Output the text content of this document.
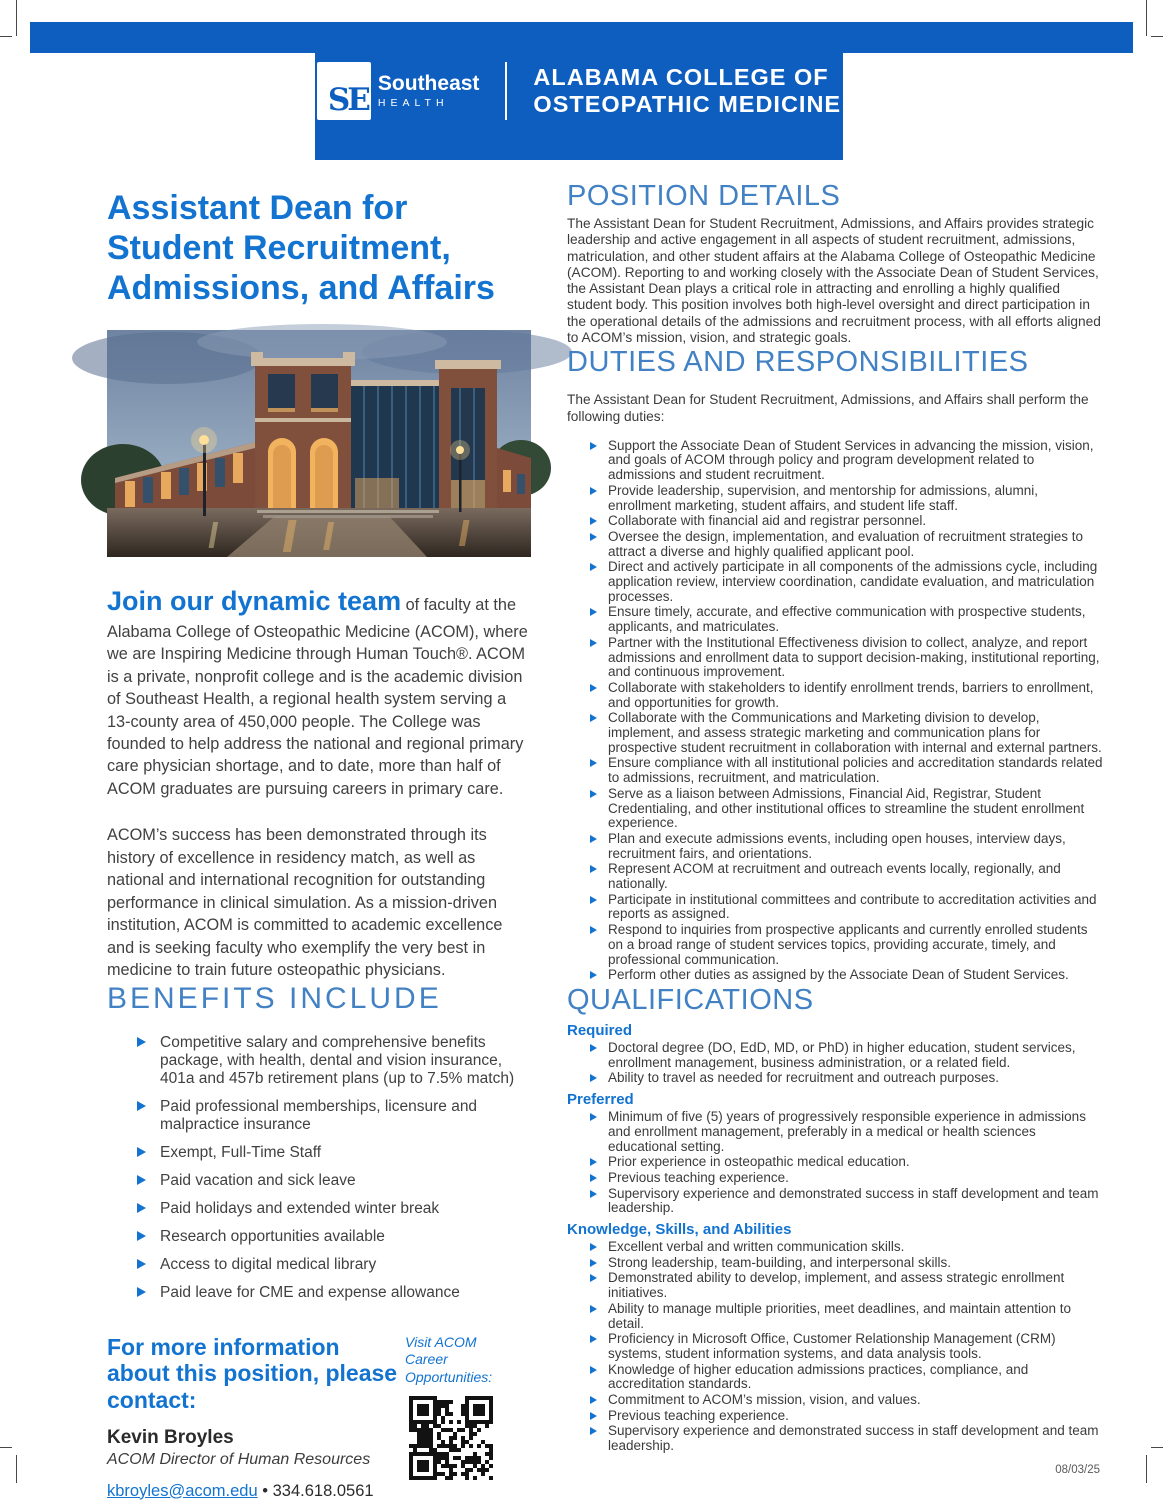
SE Southeast
HEALTH
ALABAMA COLLEGE OF
OSTEOPATHIC MEDICINE
Assistant Dean for Student Recruitment, Admissions, and Affairs

Join our dynamic team of faculty at the Alabama College of Osteopathic Medicine (ACOM), where we are Inspiring Medicine through Human Touch®. ACOM is a private, nonprofit college and is the academic division of Southeast Health, a regional health system serving a 13-county area of 450,000 people. The College was founded to help address the national and regional primary care physician shortage, and to date, more than half of ACOM graduates are pursuing careers in primary care.

ACOM’s success has been demonstrated through its history of excellence in residency match, as well as national and international recognition for outstanding performance in clinical simulation. As a mission-driven institution, ACOM is committed to academic excellence and is seeking faculty who exemplify the very best in medicine to train future osteopathic physicians.

BENEFITS INCLUDE
Competitive salary and comprehensive benefits package, with health, dental and vision insurance, 401a and 457b retirement plans (up to 7.5% match)
Paid professional memberships, licensure and malpractice insurance
Exempt, Full-Time Staff
Paid vacation and sick leave
Paid holidays and extended winter break
Research opportunities available
Access to digital medical library
Paid leave for CME and expense allowance
For more information about this position, please contact:
Kevin Broyles
ACOM Director of Human Resources
kbroyles@acom.edu • 334.618.0561
Visit ACOM Career Opportunities:
POSITION DETAILS

The Assistant Dean for Student Recruitment, Admissions, and Affairs provides strategic leadership and active engagement in all aspects of student recruitment, admissions, matriculation, and other student affairs at the Alabama College of Osteopathic Medicine (ACOM). Reporting to and working closely with the Associate Dean of Student Services, the Assistant Dean plays a critical role in attracting and enrolling a highly qualified student body. This position involves both high-level oversight and direct participation in the operational details of the admissions and recruitment process, with all efforts aligned to ACOM’s mission, vision, and strategic goals.

DUTIES AND RESPONSIBILITIES

The Assistant Dean for Student Recruitment, Admissions, and Affairs shall perform the following duties:

Support the Associate Dean of Student Services in advancing the mission, vision, and goals of ACOM through policy and program development related to admissions and student recruitment.
Provide leadership, supervision, and mentorship for admissions, alumni, enrollment marketing, student affairs, and student life staff.
Collaborate with financial aid and registrar personnel.
Oversee the design, implementation, and evaluation of recruitment strategies to attract a diverse and highly qualified applicant pool.
Direct and actively participate in all components of the admissions cycle, including application review, interview coordination, candidate evaluation, and matriculation processes.
Ensure timely, accurate, and effective communication with prospective students, applicants, and matriculates.
Partner with the Institutional Effectiveness division to collect, analyze, and report admissions and enrollment data to support decision-making, institutional reporting, and continuous improvement.
Collaborate with stakeholders to identify enrollment trends, barriers to enrollment, and opportunities for growth.
Collaborate with the Communications and Marketing division to develop, implement, and assess strategic marketing and communication plans for prospective student recruitment in collaboration with internal and external partners.
Ensure compliance with all institutional policies and accreditation standards related to admissions, recruitment, and matriculation.
Serve as a liaison between Admissions, Financial Aid, Registrar, Student Credentialing, and other institutional offices to streamline the student enrollment experience.
Plan and execute admissions events, including open houses, interview days, recruitment fairs, and orientations.
Represent ACOM at recruitment and outreach events locally, regionally, and nationally.
Participate in institutional committees and contribute to accreditation activities and reports as assigned.
Respond to inquiries from prospective applicants and currently enrolled students on a broad range of student services topics, providing accurate, timely, and professional communication.
Perform other duties as assigned by the Associate Dean of Student Services.
QUALIFICATIONS
Required
Doctoral degree (DO, EdD, MD, or PhD) in higher education, student services, enrollment management, business administration, or a related field.
Ability to travel as needed for recruitment and outreach purposes.
Preferred
Minimum of five (5) years of progressively responsible experience in admissions and enrollment management, preferably in a medical or health sciences educational setting.
Prior experience in osteopathic medical education.
Previous teaching experience.
Supervisory experience and demonstrated success in staff development and team leadership.
Knowledge, Skills, and Abilities
Excellent verbal and written communication skills.
Strong leadership, team-building, and interpersonal skills.
Demonstrated ability to develop, implement, and assess strategic enrollment initiatives.
Ability to manage multiple priorities, meet deadlines, and maintain attention to detail.
Proficiency in Microsoft Office, Customer Relationship Management (CRM) systems, student information systems, and data analysis tools.
Knowledge of higher education admissions practices, compliance, and accreditation standards.
Commitment to ACOM’s mission, vision, and values.
Previous teaching experience.
Supervisory experience and demonstrated success in staff development and team leadership.
08/03/25
